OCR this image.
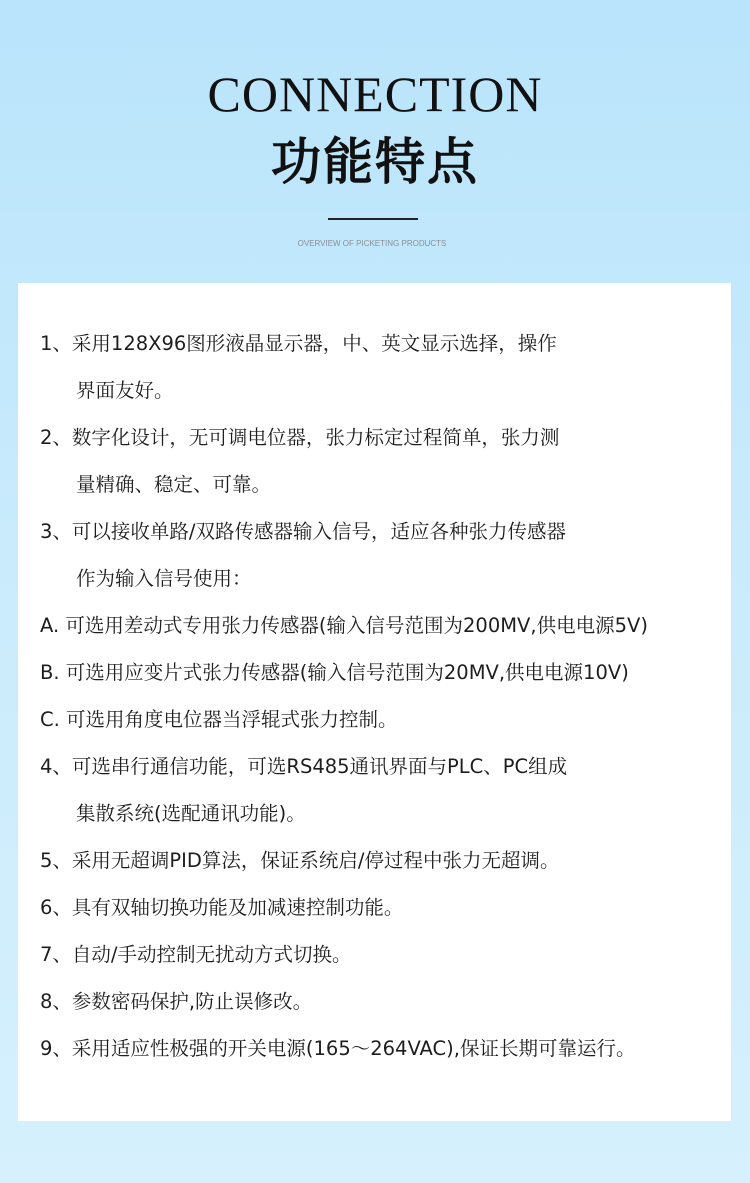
CONNECTION
功能特点
OVERVIEW OF PICKETING PRODUCTS
1、采用128X96图形液晶显示器，中、英文显示选择，操作
界面友好。
2、数字化设计，无可调电位器，张力标定过程简单，张力测
量精确、稳定、可靠。
3、可以接收单路/双路传感器输入信号，适应各种张力传感器
作为输入信号使用：
A. 可选用差动式专用张力传感器(输入信号范围为200MV,供电电源5V)
B. 可选用应变片式张力传感器(输入信号范围为20MV,供电电源10V)
C. 可选用角度电位器当浮辊式张力控制。
4、可选串行通信功能，可选RS485通讯界面与PLC、PC组成
集散系统(选配通讯功能)。
5、采用无超调PID算法，保证系统启/停过程中张力无超调。
6、具有双轴切换功能及加减速控制功能。
7、自动/手动控制无扰动方式切换。
8、参数密码保护,防止误修改。
9、采用适应性极强的开关电源(165～264VAC),保证长期可靠运行。
